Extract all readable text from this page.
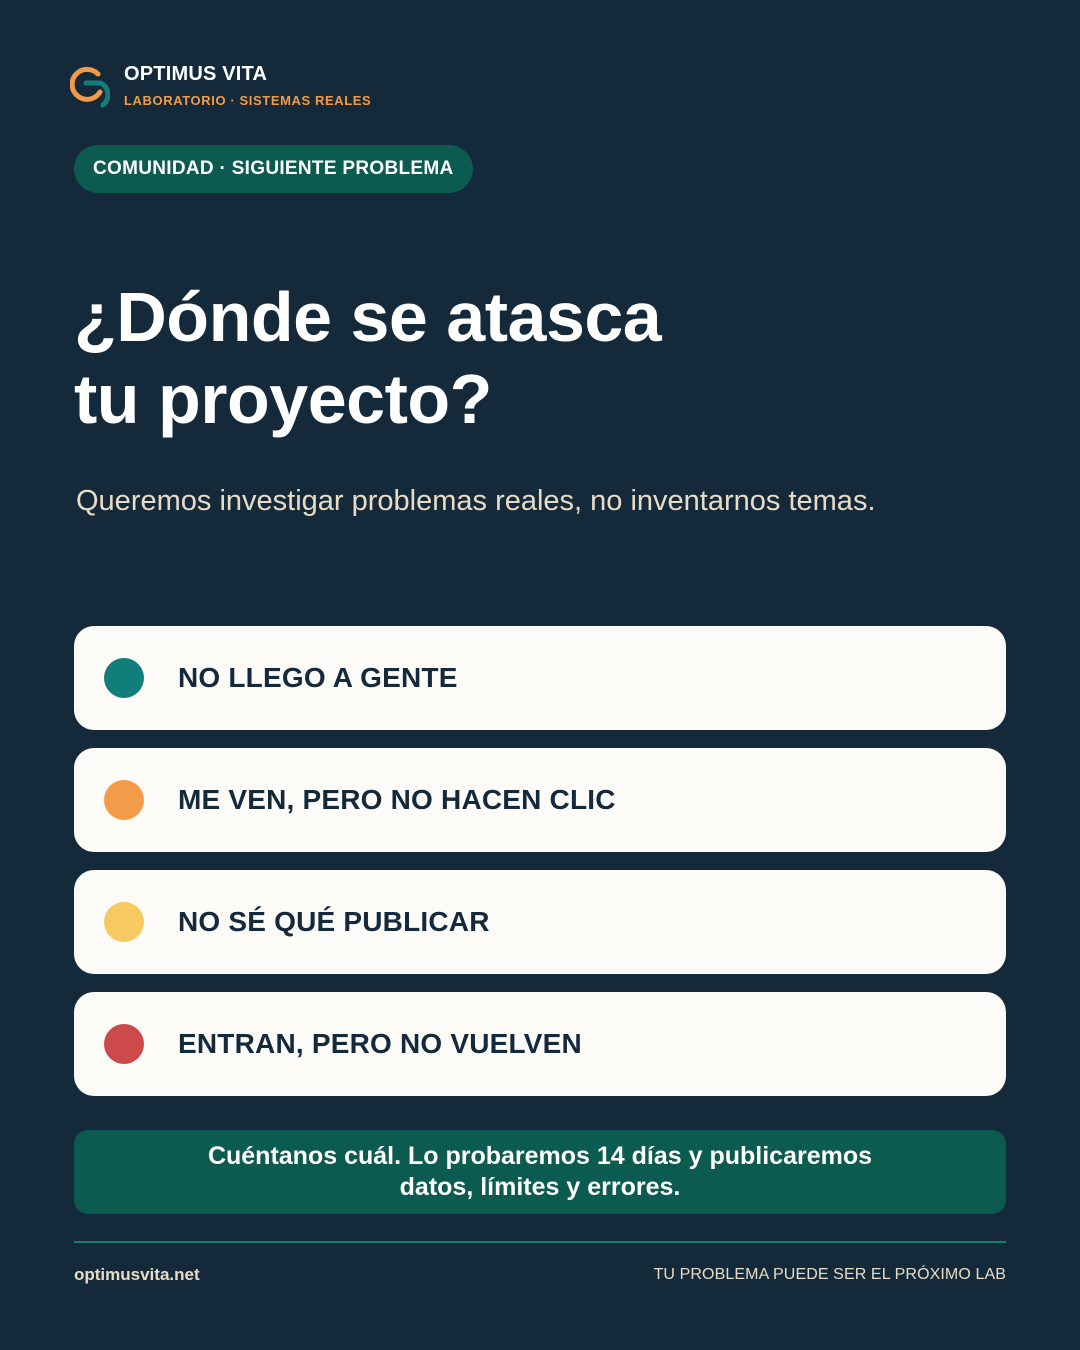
OPTIMUS VITA
LABORATORIO · SISTEMAS REALES
COMUNIDAD · SIGUIENTE PROBLEMA
¿Dónde se atasca
tu proyecto?

Queremos investigar problemas reales, no inventarnos temas.

NO LLEGO A GENTE
ME VEN, PERO NO HACEN CLIC
NO SÉ QUÉ PUBLICAR
ENTRAN, PERO NO VUELVEN
Cuéntanos cuál. Lo probaremos 14 días y publicaremos datos, límites y errores.
optimusvita.net	TU PROBLEMA PUEDE SER EL PRÓXIMO LAB
